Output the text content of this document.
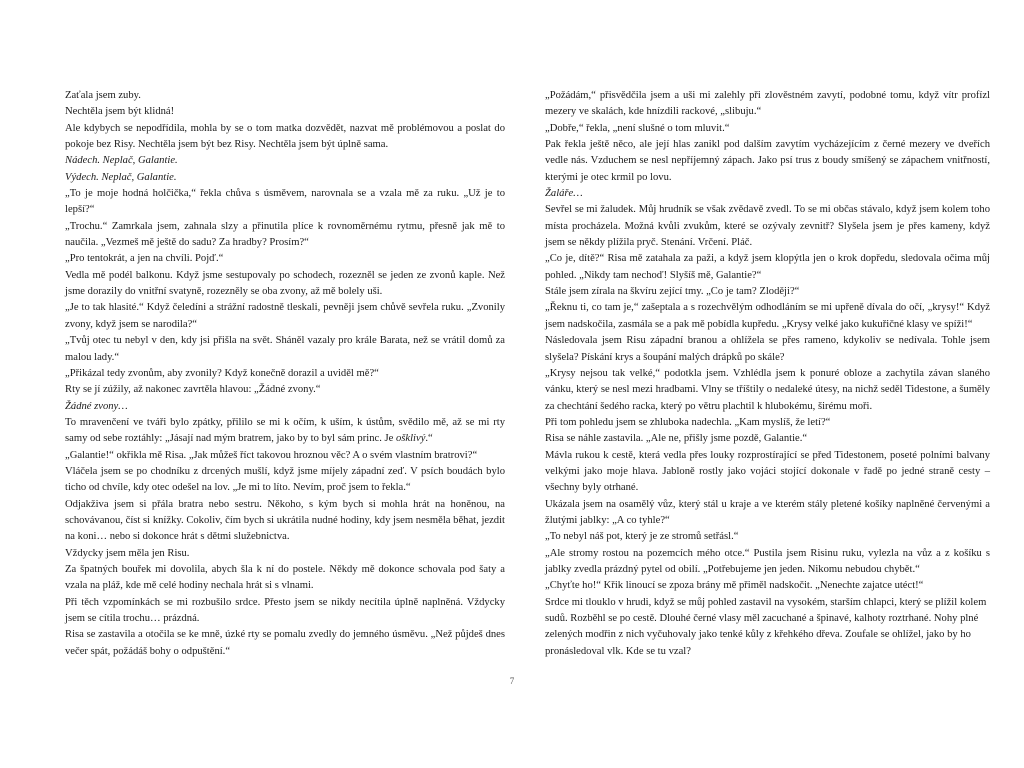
Zaťala jsem zuby.

Nechtěla jsem být klidná!

Ale kdybych se nepodřídila, mohla by se o tom matka dozvědět, nazvat mě problémovou a poslat do pokoje bez Risy. Nechtěla jsem být bez Risy. Nechtěla jsem být úplně sama.

Nádech. Neplač, Galantie.

Výdech. Neplač, Galantie.

„To je moje hodná holčička,“ řekla chůva s úsměvem, narovnala se a vzala mě za ruku. „Už je to lepší?“

„Trochu.“ Zamrkala jsem, zahnala slzy a přinutila plíce k rovnoměrnému rytmu, přesně jak mě to naučila. „Vezmeš mě ještě do sadu? Za hradby? Prosím?“

„Pro tentokrát, a jen na chvíli. Pojď.“

Vedla mě podél balkonu. Když jsme sestupovaly po schodech, rozezněl se jeden ze zvonů kaple. Než jsme dorazily do vnitřní svatyně, rozezněly se oba zvony, až mě bolely uši.

„Je to tak hlasité.“ Když čeledíni a strážní radostně tleskali, pevněji jsem chůvě sevřela ruku. „Zvonily zvony, když jsem se narodila?“

„Tvůj otec tu nebyl v den, kdy jsi přišla na svět. Sháněl vazaly pro krále Barata, než se vrátil domů za malou lady.“

„Přikázal tedy zvonům, aby zvonily? Když konečně dorazil a uviděl mě?“

Rty se jí zúžily, až nakonec zavrtěla hlavou: „Žádné zvony.“

Žádné zvony…

To mravenčení ve tváři bylo zpátky, přililo se mi k očím, k uším, k ústům, svědilo mě, až se mi rty samy od sebe roztáhly: „Jásají nad mým bratrem, jako by to byl sám princ. Je ošklivý.“

„Galantie!“ okřikla mě Risa. „Jak můžeš říct takovou hroznou věc? A o svém vlastním bratrovi?“

Vláčela jsem se po chodníku z drcených mušlí, když jsme míjely západní zeď. V psích boudách bylo ticho od chvíle, kdy otec odešel na lov. „Je mi to líto. Nevím, proč jsem to řekla.“

Odjakživa jsem si přála bratra nebo sestru. Někoho, s kým bych si mohla hrát na honěnou, na schovávanou, číst si knížky. Cokoliv, čím bych si ukrátila nudné hodiny, kdy jsem nesměla běhat, jezdit na koni… nebo si dokonce hrát s dětmi služebnictva.

Vždycky jsem měla jen Risu.

Za špatných bouřek mi dovolila, abych šla k ní do postele. Někdy mě dokonce schovala pod šaty a vzala na pláž, kde mě celé hodiny nechala hrát si s vlnami.

Při těch vzpomínkách se mi rozbušilo srdce. Přesto jsem se nikdy necítila úplně naplněná. Vždycky jsem se cítila trochu… prázdná.

Risa se zastavila a otočila se ke mně, úzké rty se pomalu zvedly do jemného úsměvu. „Než půjdeš dnes večer spát, požádáš bohy o odpuštění.“

„Požádám,“ přisvědčila jsem a uši mi zalehly při zlověstném zavytí, podobné tomu, když vítr profízl mezery ve skalách, kde hnízdili rackové, „slibuju.“

„Dobře,“ řekla, „není slušné o tom mluvit.“

Pak řekla ještě něco, ale její hlas zanikl pod dalším zavytím vycházejícím z černé mezery ve dveřích vedle nás. Vzduchem se nesl nepříjemný zápach. Jako psí trus z boudy smíšený se zápachem vnitřností, kterými je otec krmil po lovu.

Žaláře…

Sevřel se mi žaludek. Můj hrudník se však zvědavě zvedl. To se mi občas stávalo, když jsem kolem toho místa procházela. Možná kvůli zvukům, které se ozývaly zevnitř? Slyšela jsem je přes kameny, když jsem se někdy plížila pryč. Stenání. Vrčení. Pláč.

„Co je, dítě?“ Risa mě zatahala za paži, a když jsem klopýtla jen o krok dopředu, sledovala očima můj pohled. „Nikdy tam nechoď! Slyšíš mě, Galantie?“

Stále jsem zírala na škvíru zející tmy. „Co je tam? Zloději?“

„Řeknu ti, co tam je,“ zašeptala a s rozechvělým odhodláním se mi upřeně dívala do očí, „krysy!“ Když jsem nadskočila, zasmála se a pak mě pobídla kupředu. „Krysy velké jako kukuřičné klasy ve spíži!“

Následovala jsem Risu západní branou a ohlížela se přes rameno, kdykoliv se nedívala. Tohle jsem slyšela? Pískání krys a šoupání malých drápků po skále?

„Krysy nejsou tak velké,“ podotkla jsem. Vzhlédla jsem k ponuré obloze a zachytila závan slaného vánku, který se nesl mezi hradbami. Vlny se tříštily o nedaleké útesy, na nichž seděl Tidestone, a šuměly za chechtání šedého racka, který po větru plachtil k hlubokému, širému moři.

Při tom pohledu jsem se zhluboka nadechla. „Kam myslíš, že letí?“

Risa se náhle zastavila. „Ale ne, přišly jsme pozdě, Galantie.“

Mávla rukou k cestě, která vedla přes louky rozprostírající se před Tidestonem, poseté polními balvany velkými jako moje hlava. Jabloně rostly jako vojáci stojící dokonale v řadě po jedné straně cesty – všechny byly otrhané.

Ukázala jsem na osamělý vůz, který stál u kraje a ve kterém stály pletené košíky naplněné červenými a žlutými jablky: „A co tyhle?“

„To nebyl náš pot, který je ze stromů setřásl.“

„Ale stromy rostou na pozemcích mého otce.“ Pustila jsem Risinu ruku, vylezla na vůz a z košíku s jablky zvedla prázdný pytel od obilí. „Potřebujeme jen jeden. Nikomu nebudou chybět.“

„Chyťte ho!“ Křik linoucí se zpoza brány mě přiměl nadskočit. „Nenechte zajatce utéct!“

Srdce mi tlouklo v hrudi, když se můj pohled zastavil na vysokém, starším chlapci, který se plížil kolem sudů. Rozběhl se po cestě. Dlouhé černé vlasy měl zacuchané a špinavé, kalhoty roztrhané. Nohy plné zelených modřin z nich vyčuhovaly jako tenké kůly z křehkého dřeva. Zoufale se ohlížel, jako by ho pronásledoval vlk. Kde se tu vzal?

7
